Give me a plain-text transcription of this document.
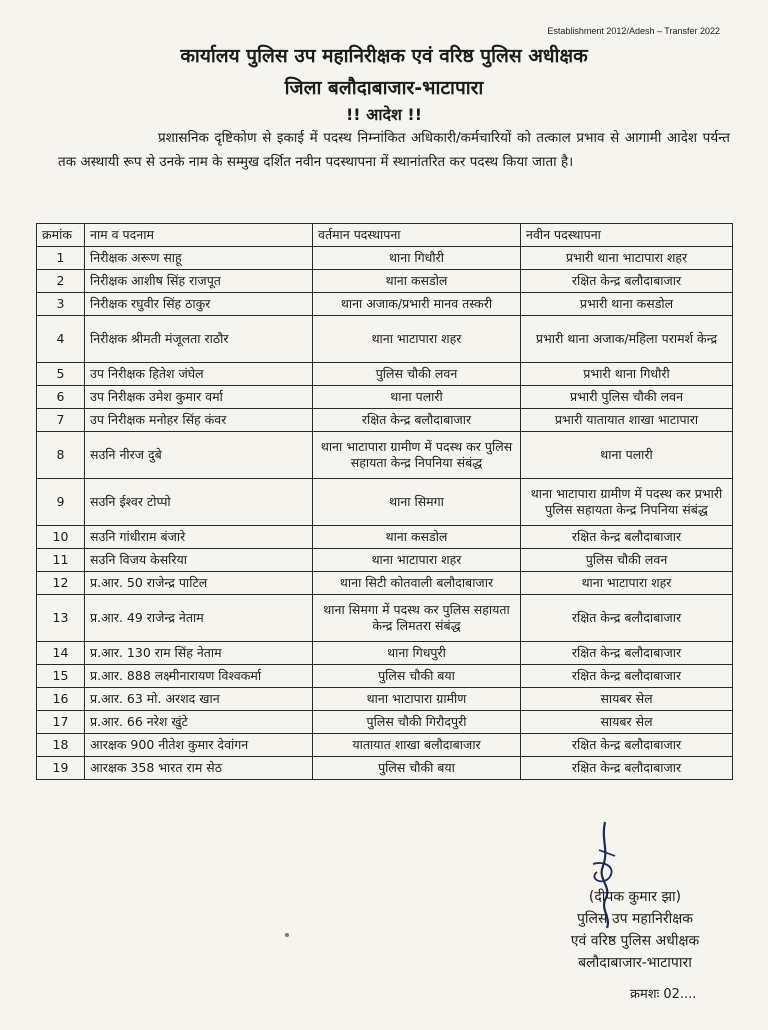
Establishment 2012/Adesh – Transfer 2022
कार्यालय पुलिस उप महानिरीक्षक एवं वरिष्ठ पुलिस अधीक्षक
जिला बलौदाबाजार-भाटापारा
!! आदेश !!
प्रशासनिक दृष्टिकोण से इकाई में पदस्थ निम्नांकित अधिकारी/कर्मचारियों को तत्काल प्रभाव से आगामी आदेश पर्यन्त तक अस्थायी रूप से उनके नाम के सम्मुख दर्शित नवीन पदस्थापना में स्थानांतरित कर पदस्थ किया जाता है।
क्रमांक	नाम व पदनाम	वर्तमान पदस्थापना	नवीन पदस्थापना
1	निरीक्षक अरूण साहू	थाना गिधौरी	प्रभारी थाना भाटापारा शहर
2	निरीक्षक आशीष सिंह राजपूत	थाना कसडोल	रक्षित केन्द्र बलौदाबाजार
3	निरीक्षक रघुवीर सिंह ठाकुर	थाना अजाक/प्रभारी मानव तस्करी	प्रभारी थाना कसडोल
4	निरीक्षक श्रीमती मंजूलता राठौर	थाना भाटापारा शहर	प्रभारी थाना अजाक/महिला परामर्श केन्द्र
5	उप निरीक्षक हितेश जंघेल	पुलिस चौकी लवन	प्रभारी थाना गिधौरी
6	उप निरीक्षक उमेश कुमार वर्मा	थाना पलारी	प्रभारी पुलिस चौकी लवन
7	उप निरीक्षक मनोहर सिंह कंवर	रक्षित केन्द्र बलौदाबाजार	प्रभारी यातायात शाखा भाटापारा
8	सउनि नीरज दुबे	थाना भाटापारा ग्रामीण में पदस्थ कर पुलिस सहायता केन्द्र निपनिया संबंद्ध	थाना पलारी
9	सउनि ईश्वर टोप्पो	थाना सिमगा	थाना भाटापारा ग्रामीण में पदस्थ कर प्रभारी पुलिस सहायता केन्द्र निपनिया संबंद्ध
10	सउनि गांधीराम बंजारे	थाना कसडोल	रक्षित केन्द्र बलौदाबाजार
11	सउनि विजय केसरिया	थाना भाटापारा शहर	पुलिस चौकी लवन
12	प्र.आर. 50 राजेन्द्र पाटिल	थाना सिटी कोतवाली बलौदाबाजार	थाना भाटापारा शहर
13	प्र.आर. 49 राजेन्द्र नेताम	थाना सिमगा में पदस्थ कर पुलिस सहायता केन्द्र लिमतरा संबंद्ध	रक्षित केन्द्र बलौदाबाजार
14	प्र.आर. 130 राम सिंह नेताम	थाना गिधपुरी	रक्षित केन्द्र बलौदाबाजार
15	प्र.आर. 888 लक्ष्मीनारायण विश्वकर्मा	पुलिस चौकी बया	रक्षित केन्द्र बलौदाबाजार
16	प्र.आर. 63 मो. अरशद खान	थाना भाटापारा ग्रामीण	सायबर सेल
17	प्र.आर. 66 नरेश खुंटे	पुलिस चौकी गिरौदपुरी	सायबर सेल
18	आरक्षक 900 नीतेश कुमार देवांगन	यातायात शाखा बलौदाबाजार	रक्षित केन्द्र बलौदाबाजार
19	आरक्षक 358 भारत राम सेठ	पुलिस चौकी बया	रक्षित केन्द्र बलौदाबाजार
(दीपक कुमार झा)
पुलिस उप महानिरीक्षक
एवं वरिष्ठ पुलिस अधीक्षक
बलौदाबाजार-भाटापारा
क्रमशः 02....
